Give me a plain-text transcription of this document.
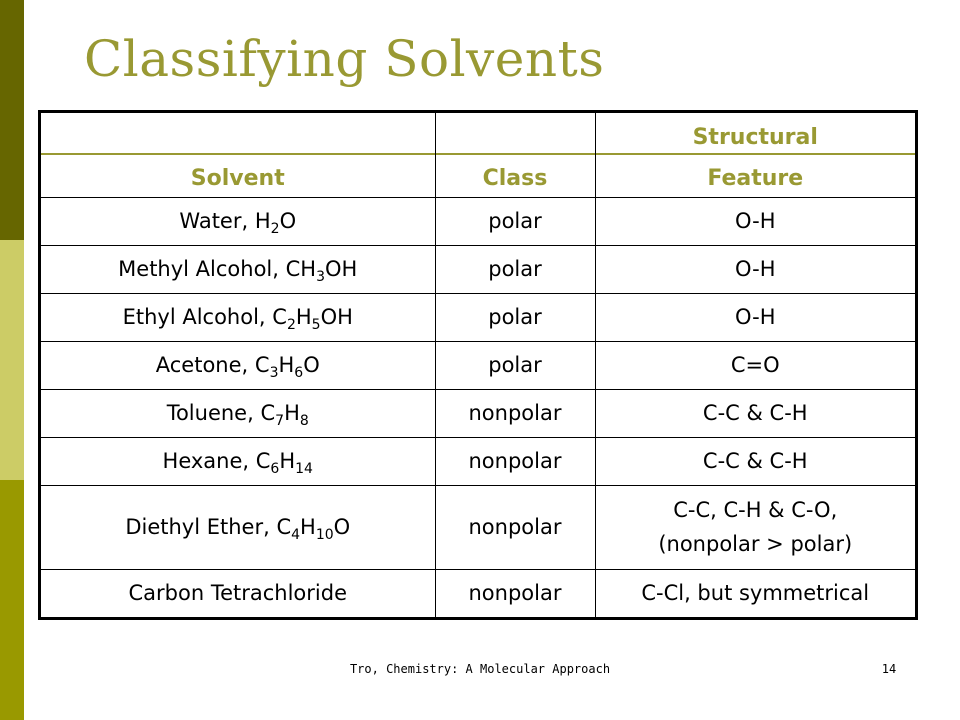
Classifying Solvents
Solvent	Class	Structural
Feature
Water, $H_2O$	polar	O-H
Methyl Alcohol, $CH_3OH$	polar	O-H
Ethyl Alcohol, $C_2H_5OH$	polar	O-H
Acetone, $C_3H_6O$	polar	C=O
Toluene, $C_7H_8$	nonpolar	C-C & C-H
Hexane, $C_6H_{14}$	nonpolar	C-C & C-H
Diethyl Ether, $C_4H_{10}O$	nonpolar	C-C, C-H & C-O,
(nonpolar > polar)

Carbon Tetrachloride	nonpolar	C-Cl, but symmetrical
Tro, Chemistry: A Molecular Approach	14
